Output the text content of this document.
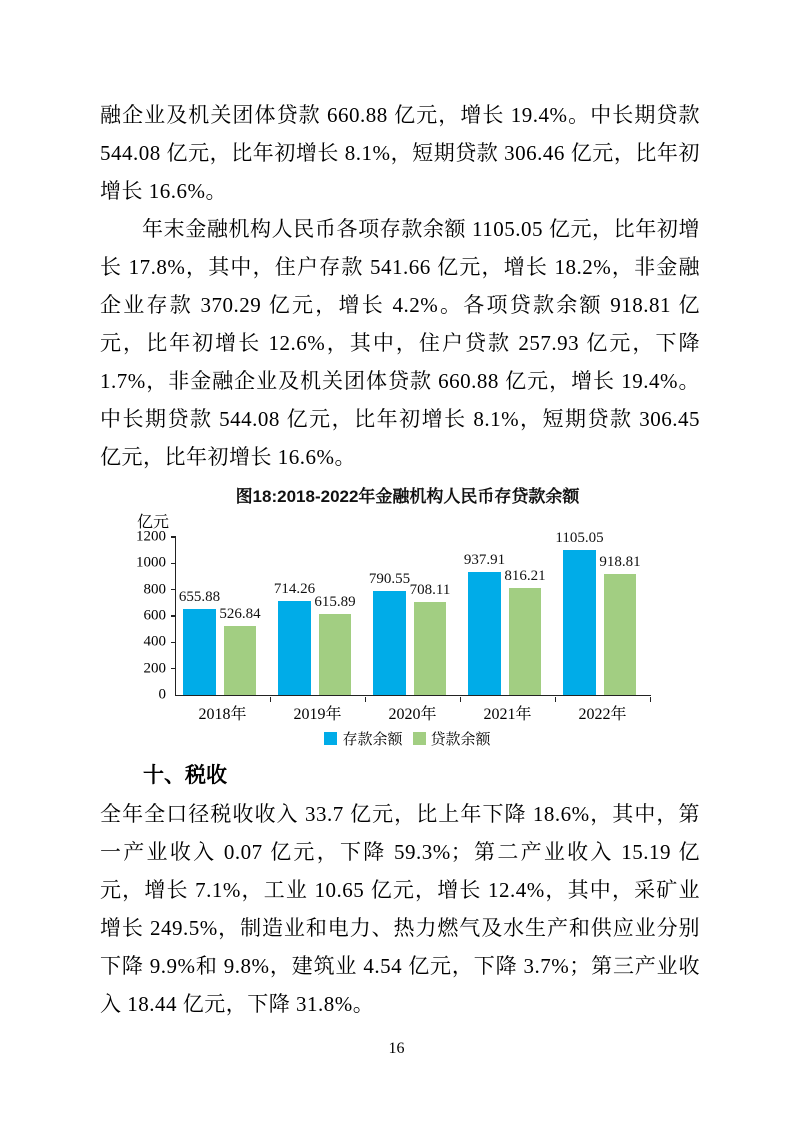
融企业及机关团体贷款 660.88 亿元，增长 19.4%。中长期贷款 544.08 亿元，比年初增长 8.1%，短期贷款 306.46 亿元，比年初增长 16.6%。

年末金融机构人民币各项存款余额 1105.05 亿元，比年初增长 17.8%，其中，住户存款 541.66 亿元，增长 18.2%，非金融企业存款 370.29 亿元，增长 4.2%。各项贷款余额 918.81 亿元，比年初增长 12.6%，其中，住户贷款 257.93 亿元，下降 1.7%，非金融企业及机关团体贷款 660.88 亿元，增长 19.4%。中长期贷款 544.08 亿元，比年初增长 8.1%，短期贷款 306.45 亿元，比年初增长 16.6%。

图18:2018-2022年金融机构人民币存贷款余额
亿元
0
200
400
600
800
1000
1200
655.88
526.84
714.26
615.89
790.55
708.11
937.91
816.21
1105.05
918.81
2018年	2019年	2020年	2021年	2022年
存款余额 贷款余额
十、税收

全年全口径税收收入 33.7 亿元，比上年下降 18.6%，其中，第一产业收入 0.07 亿元，下降 59.3%；第二产业收入 15.19 亿元，增长 7.1%，工业 10.65 亿元，增长 12.4%，其中，采矿业增长 249.5%，制造业和电力、热力燃气及水生产和供应业分别下降 9.9%和 9.8%，建筑业 4.54 亿元，下降 3.7%；第三产业收入 18.44 亿元，下降 31.8%。

16
